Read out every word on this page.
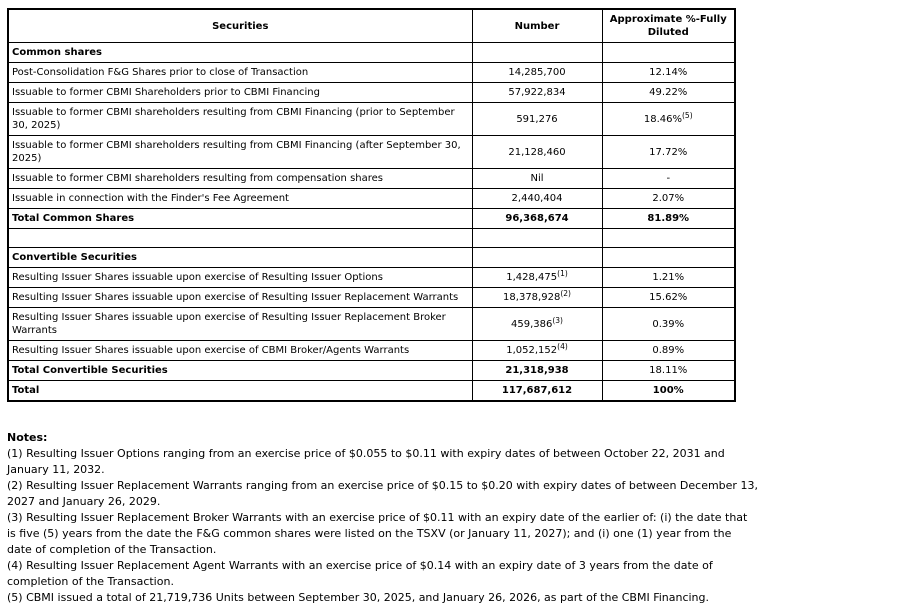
Securities	Number	Approximate %-Fully Diluted
Common shares		
Post-Consolidation F&G Shares prior to close of Transaction	14,285,700	12.14%
Issuable to former CBMI Shareholders prior to CBMI Financing	57,922,834	49.22%
Issuable to former CBMI shareholders resulting from CBMI Financing (prior to September 30, 2025)	591,276	18.46%$^{(5)}$
Issuable to former CBMI shareholders resulting from CBMI Financing (after September 30, 2025)	21,128,460	17.72%
Issuable to former CBMI shareholders resulting from compensation shares	Nil	-
Issuable in connection with the Finder's Fee Agreement	2,440,404	2.07%
Total Common Shares	96,368,674	81.89%

Convertible Securities		
Resulting Issuer Shares issuable upon exercise of Resulting Issuer Options	1,428,475$^{(1)}$	1.21%
Resulting Issuer Shares issuable upon exercise of Resulting Issuer Replacement Warrants	18,378,928$^{(2)}$	15.62%
Resulting Issuer Shares issuable upon exercise of Resulting Issuer Replacement Broker Warrants	459,386$^{(3)}$	0.39%
Resulting Issuer Shares issuable upon exercise of CBMI Broker/Agents Warrants	1,052,152$^{(4)}$	0.89%
Total Convertible Securities	21,318,938	18.11%
Total	117,687,612	100%
Notes:
(1) Resulting Issuer Options ranging from an exercise price of $0.055 to $0.11 with expiry dates of between October 22, 2031 and January 11, 2032.
(2) Resulting Issuer Replacement Warrants ranging from an exercise price of $0.15 to $0.20 with expiry dates of between December 13, 2027 and January 26, 2029.
(3) Resulting Issuer Replacement Broker Warrants with an exercise price of $0.11 with an expiry date of the earlier of: (i) the date that is five (5) years from the date the F&G common shares were listed on the TSXV (or January 11, 2027); and (i) one (1) year from the date of completion of the Transaction.
(4) Resulting Issuer Replacement Agent Warrants with an exercise price of $0.14 with an expiry date of 3 years from the date of completion of the Transaction.
(5) CBMI issued a total of 21,719,736 Units between September 30, 2025, and January 26, 2026, as part of the CBMI Financing.
